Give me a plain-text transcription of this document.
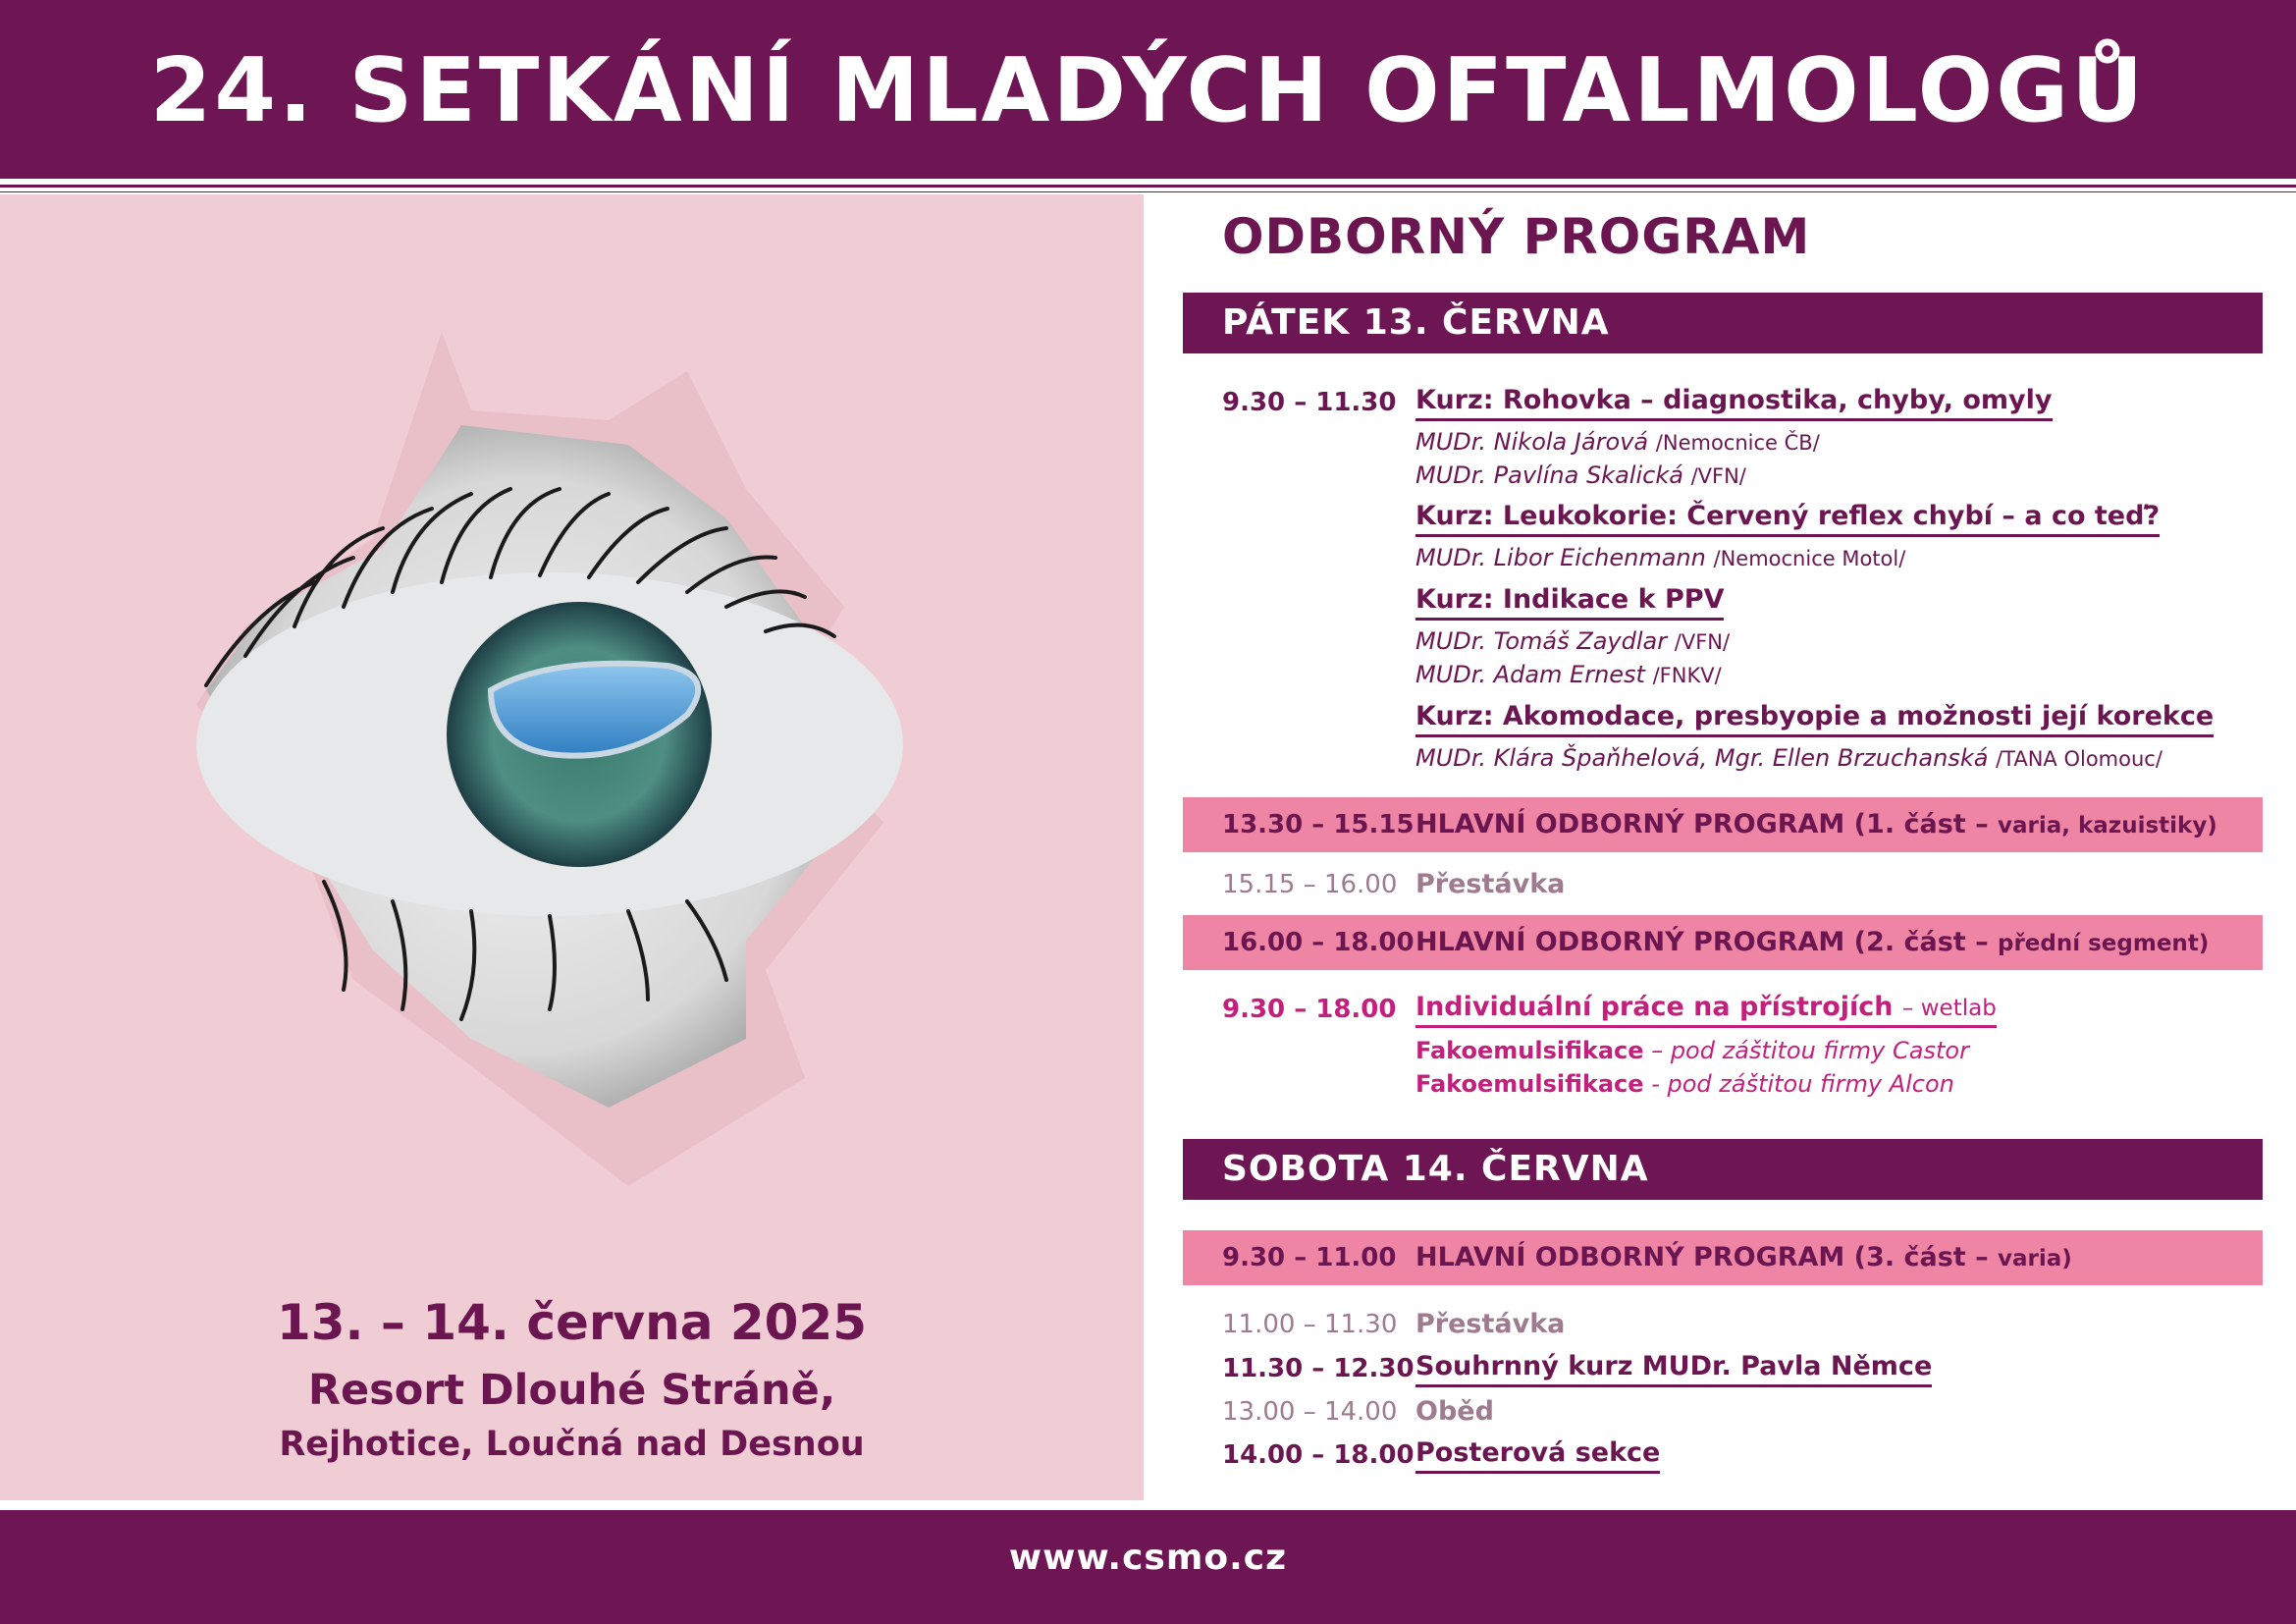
24. SETKÁNÍ MLADÝCH OFTALMOLOGŮ
13. – 14. června 2025
Resort Dlouhé Stráně,
Rejhotice, Loučná nad Desnou
ODBORNÝ PROGRAM
PÁTEK 13. ČERVNA
9.30 – 11.30 Kurz: Rohovka – diagnostika, chyby, omyly
MUDr. Nikola Járová /Nemocnice ČB/
MUDr. Pavlína Skalická /VFN/
Kurz: Leukokorie: Červený reflex chybí – a co teď?
MUDr. Libor Eichenmann /Nemocnice Motol/
Kurz: Indikace k PPV
MUDr. Tomáš Zaydlar /VFN/
MUDr. Adam Ernest /FNKV/
Kurz: Akomodace, presbyopie a možnosti její korekce
MUDr. Klára Špaňhelová, Mgr. Ellen Brzuchanská /TANA Olomouc/
13.30 – 15.15 HLAVNÍ ODBORNÝ PROGRAM (1. část – varia, kazuistiky)
15.15 – 16.00 Přestávka
16.00 – 18.00 HLAVNÍ ODBORNÝ PROGRAM (2. část – přední segment)
9.30 – 18.00 Individuální práce na přístrojích – wetlab
Fakoemulsifikace – pod záštitou firmy Castor
Fakoemulsifikace - pod záštitou firmy Alcon
SOBOTA 14. ČERVNA
9.30 – 11.00 HLAVNÍ ODBORNÝ PROGRAM (3. část – varia)
11.00 – 11.30 Přestávka
11.30 – 12.30 Souhrnný kurz MUDr. Pavla Němce
13.00 – 14.00 Oběd
14.00 – 18.00 Posterová sekce
www.csmo.cz
